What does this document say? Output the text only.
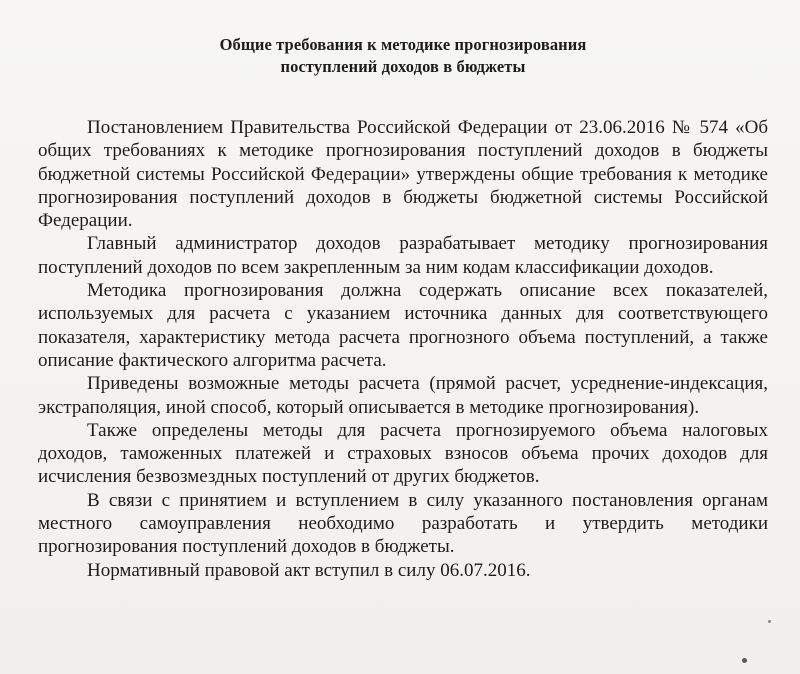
Общие требования к методике прогнозирования
поступлений доходов в бюджеты

Постановлением Правительства Российской Федерации от 23.06.2016 № 574 «Об общих требованиях к методике прогнозирования поступлений доходов в бюджеты бюджетной системы Российской Федерации» утверждены общие требования к методике прогнозирования поступлений доходов в бюджеты бюджетной системы Российской Федерации.

Главный администратор доходов разрабатывает методику прогнозирования поступлений доходов по всем закрепленным за ним кодам классификации доходов.

Методика прогнозирования должна содержать описание всех показателей, используемых для расчета с указанием источника данных для соответствующего показателя, характеристику метода расчета прогнозного объема поступлений, а также описание фактического алгоритма расчета.

Приведены возможные методы расчета (прямой расчет, усреднение-индексация, экстраполяция, иной способ, который описывается в методике прогнозирования).

Также определены методы для расчета прогнозируемого объема налоговых доходов, таможенных платежей и страховых взносов объема прочих доходов для исчисления безвозмездных поступлений от других бюджетов.

В связи с принятием и вступлением в силу указанного постановления органам местного самоуправления необходимо разработать и утвердить методики прогнозирования поступлений доходов в бюджеты.

Нормативный правовой акт вступил в силу 06.07.2016.
